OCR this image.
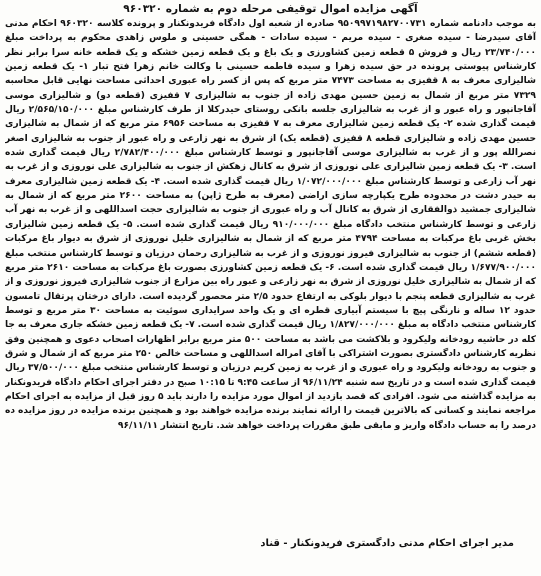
آگهی مزایده اموال توقیفی مرحله دوم به شماره ۹۶۰۳۲۰

به موجب دادنامه شماره ۹۵۰۹۹۷۱۹۸۲۷۰۰۷۳۱ صادره از شعبه اول دادگاه فریدونکنار و پرونده کلاسه ۹۶۰۳۲۰ احکام مدنی آقای سیدرضا - سیده صغری - سیده مریم - سیده سادات - همگی حسینی و ملوس زاهدی محکوم به پرداخت مبلغ ۲۳/۷۴۰/۰۰۰ ریال و فروش ۵ قطعه زمین کشاورزی و یک باغ و یک قطعه زمین خشکه و یک قطعه خانه سرا برابر نظر کارشناس پیوستی پرونده در حق سیده زهرا و سیده فاطمه حسینی با وکالت خانم زهرا فتح تبار ۱- یک قطعه زمین شالیزاری معرف به ۸ قفیزی به مساحت ۷۴۷۳ متر مربع که پس از کسر راه عبوری احداثی مساحت نهایی قابل محاسبه ۷۳۲۹ متر مربع از شمال به زمین حسین مهدی زاده از جنوب به شالیزاری ۷ قفیزی (قطعه دو) و شالیزاری موسی آقاجانپور و راه عبور و از غرب به شالیزاری جلسه بانکی روستای حیدرکلا از طرف کارشناس مبلغ ۲/۵۶۵/۱۵۰/۰۰۰ ریال قیمت گذاری شده ۲- یک قطعه زمین شالیزاری معرف به ۷ قفیزی به مساحت ۶۹۵۶ متر مربع که از شمال به شالیزاری حسین مهدی زاده و شالیزاری قطعه ۸ قفیزی (قطعه یک) از شرق به نهر زارعی و راه عبور از جنوب به شالیزاری اصغر نصرالله پور و از غرب به شالیزاری موسی آقاجانپور و توسط کارشناس مبلغ ۲/۷۸۲/۴۰۰/۰۰۰ ریال قیمت گذاری شده است. ۳- یک قطعه زمین شالیزاری علی نوروزی از شرق به کانال زهکش از جنوب به شالیزاری علی نوروزی و از غرب به نهر آب زارعی و توسط کارشناس مبلغ ۱/۰۷۲/۰۰۰/۰۰۰ ریال قیمت گذاری شده است. ۴- یک قطعه زمین شالیزاری معرف به حیدر دشت در محدوده طرح یکپارچه سازی اراضی (معرف به طرح ژاپن) به مساحت ۲۶۰۰ متر مربع که از شمال به شالیزاری جمشید ذوالفقاری از شرق به کانال آب و راه عبوری از جنوب به شالیزاری حجت اسداللهی و از غرب به نهر آب زارعی و توسط کارشناس منتخب دادگاه مبلغ ۹۱۰/۰۰۰/۰۰۰ ریال قیمت گذاری شده است. ۵- یک قطعه زمین شالیزاری بخش غربی باغ مرکبات به مساحت ۴۷۹۴ متر مربع که از شمال به شالیزاری خلیل نوروزی از شرق به دیوار باغ مرکبات (قطعه ششم) از جنوب به شالیزاری فیروز نوروزی و از غرب به شالیزاری رحمان درزیان و توسط کارشناس منتخب مبلغ ۱/۶۷۷/۹۰۰/۰۰۰ ریال قیمت گذاری شده است. ۶- یک قطعه زمین کشاورزی بصورت باغ مرکبات به مساحت ۲۶۱۰ متر مربع که از شمال به شالیزاری خلیل نوروزی از شرق به نهر زارعی و عبور راه بین مزارع از جنوب شالیزاری فیروز نوروزی و از غرب به شالیزاری قطعه پنجم با دیوار بلوکی به ارتفاع حدود ۲/۵ متر محصور گردیده است. دارای درختان پرتقال تامسون حدود ۱۲ ساله و نارنگی پیچ با سیستم آبیاری قطره ای و یک واحد سرایداری سوئیت به مساحت ۳۰ متر مربع و توسط کارشناس منتخب دادگاه به مبلغ ۱/۸۲۷/۰۰۰/۰۰۰ ریال قیمت گذاری شده است. ۷- یک قطعه زمین خشکه جاری معرف به جا کله در حاشیه رودخانه ولیکرود و بلاکشت می باشد به مساحت ۵۰۰ متر مربع برابر اظهارات اصحاب دعوی و همچنین وفق نظریه کارشناس دادگستری بصورت اشتراکی با آقای امراله اسداللهی و مساحت خالص ۲۵۰ متر مربع که از شمال و شرق و جنوب به رودخانه ولیکرود و راه عبوری و از غرب به زمین کریم درزیان و توسط کارشناس منتخب مبلغ ۳۷/۵۰۰/۰۰۰ ریال قیمت گذاری شده است و در تاریخ سه شنبه ۹۶/۱۱/۲۴ از ساعت ۹:۴۵ تا ۱۰:۱۵ صبح در دفتر اجرای احکام دادگاه فریدونکنار به مزایده گذاشته می شود. افرادی که قصد بازدید از اموال مورد مزایده را دارند باید ۵ روز قبل از مزایده به اجرای احکام مراجعه نمایند و کسانی که بالاترین قیمت را ارائه نمایند برنده مزایده خواهند بود و همچنین برنده مزایده در روز مزایده ده درصد را به حساب دادگاه واریز و مابقی طبق مقررات پرداخت خواهد شد. تاریخ انتشار ۹۶/۱۱/۱۱

مدیر اجرای احکام مدنی دادگستری فریدونکنار - قناد
